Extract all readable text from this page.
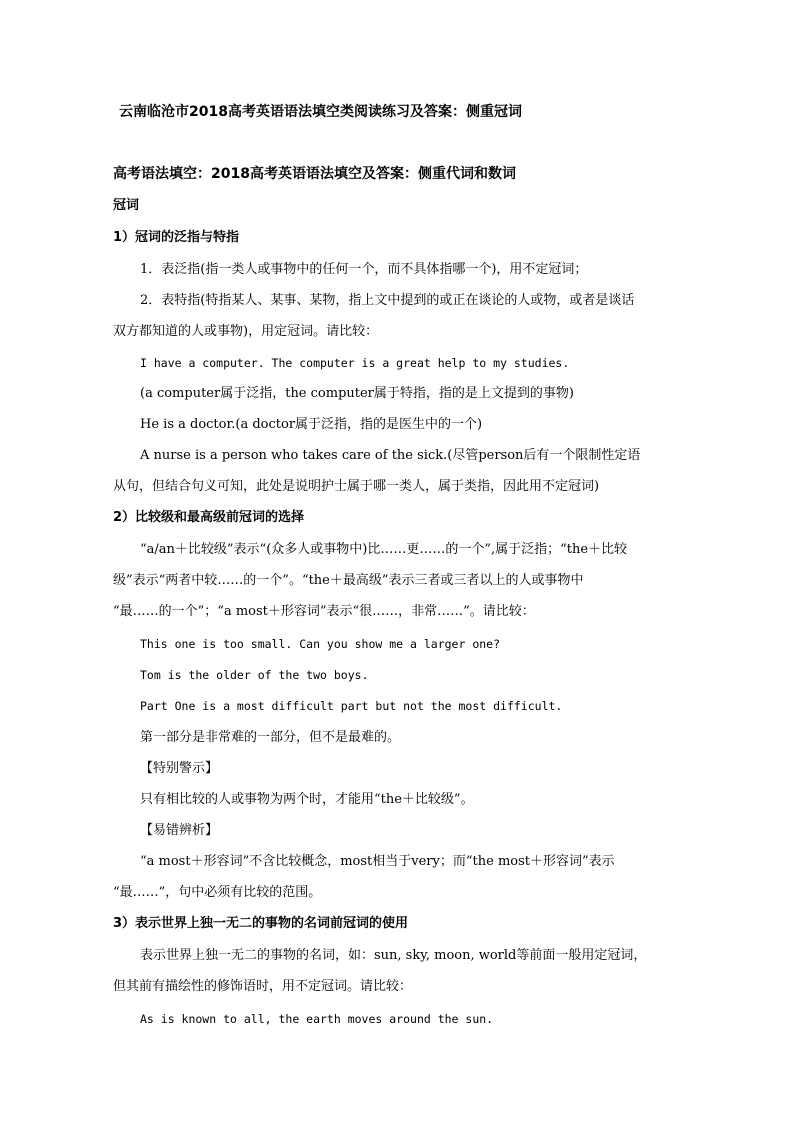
云南临沧市2018高考英语语法填空类阅读练习及答案：侧重冠词
高考语法填空：2018高考英语语法填空及答案：侧重代词和数词
冠词
1）冠词的泛指与特指
1．表泛指(指一类人或事物中的任何一个，而不具体指哪一个)，用不定冠词；
2．表特指(特指某人、某事、某物，指上文中提到的或正在谈论的人或物，或者是谈话
双方都知道的人或事物)，用定冠词。请比较：
I have a computer. The computer is a great help to my studies.
(a computer属于泛指，the computer属于特指，指的是上文提到的事物)
He is a doctor.(a doctor属于泛指，指的是医生中的一个)
A nurse is a person who takes care of the sick.(尽管person后有一个限制性定语
从句，但结合句义可知，此处是说明护士属于哪一类人，属于类指，因此用不定冠词)
2）比较级和最高级前冠词的选择
“a/an＋比较级”表示“(众多人或事物中)比……更……的一个”,属于泛指；“the＋比较
级”表示“两者中较……的一个”。“the＋最高级”表示三者或三者以上的人或事物中
“最……的一个”；“a most＋形容词”表示“很……，非常……”。请比较：
This one is too small. Can you show me a larger one?
Tom is the older of the two boys.
Part One is a most difficult part but not the most difficult.
第一部分是非常难的一部分，但不是最难的。
【特别警示】
只有相比较的人或事物为两个时，才能用“the＋比较级”。
【易错辨析】
“a most＋形容词”不含比较概念，most相当于very；而“the most＋形容词”表示
“最……”，句中必须有比较的范围。
3）表示世界上独一无二的事物的名词前冠词的使用
表示世界上独一无二的事物的名词，如：sun, sky, moon, world等前面一般用定冠词，
但其前有描绘性的修饰语时，用不定冠词。请比较：
As is known to all, the earth moves around the sun.
